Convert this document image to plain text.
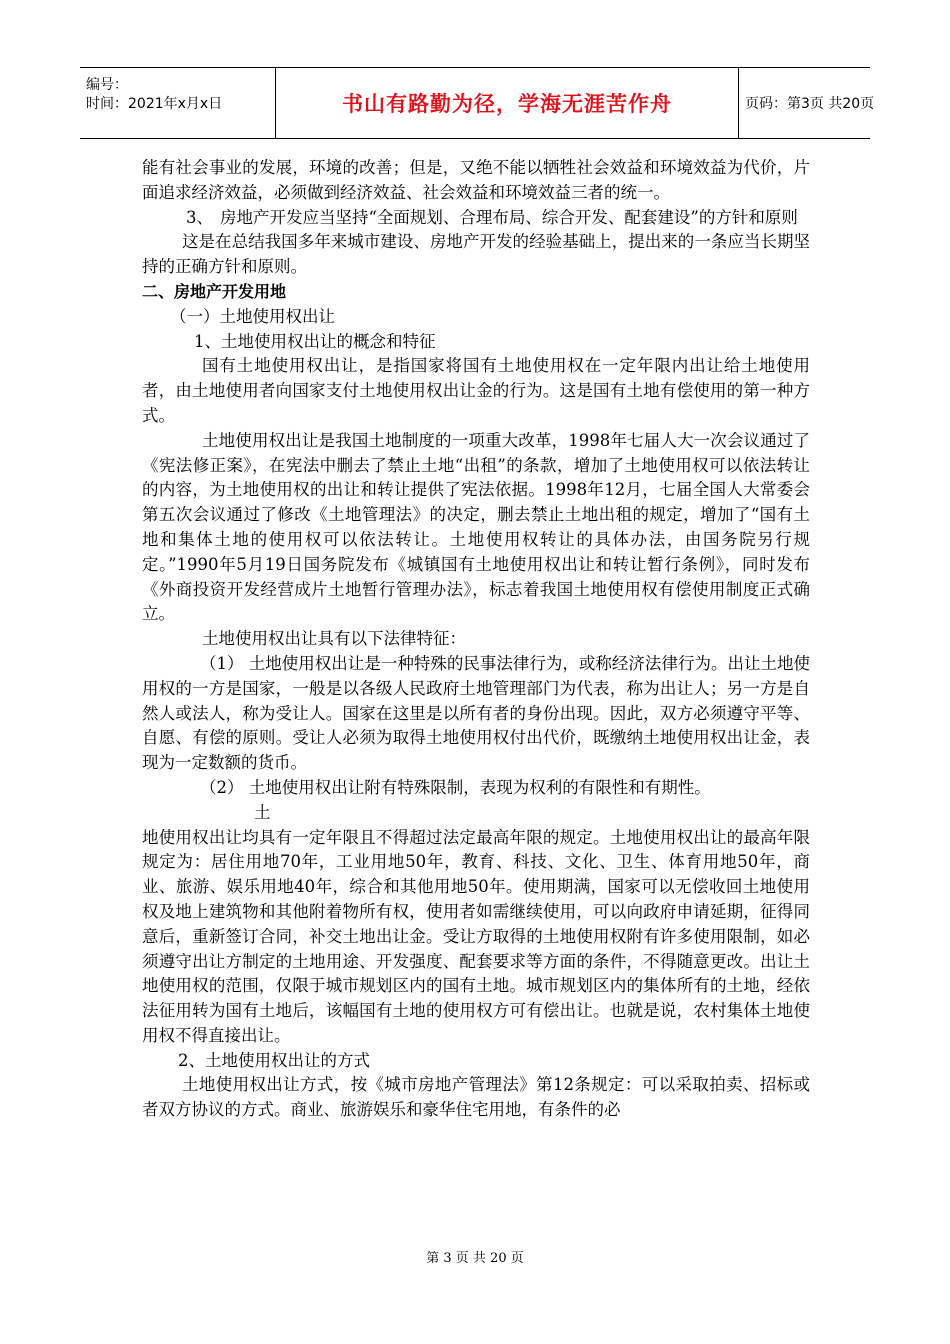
编号：
时间：2021年x月x日	书山有路勤为径，学海无涯苦作舟	页码：第3页 共20页

能有社会事业的发展，环境的改善；但是，又绝不能以牺牲社会效益和环境效益为代价，片面追求经济效益，必须做到经济效益、社会效益和环境效益三者的统一。

3、 房地产开发应当坚持“全面规划、合理布局、综合开发、配套建设”的方针和原则

这是在总结我国多年来城市建设、房地产开发的经验基础上，提出来的一条应当长期坚持的正确方针和原则。

二、房地产开发用地

（一）土地使用权出让

1、土地使用权出让的概念和特征

国有土地使用权出让，是指国家将国有土地使用权在一定年限内出让给土地使用者，由土地使用者向国家支付土地使用权出让金的行为。这是国有土地有偿使用的第一种方式。

土地使用权出让是我国土地制度的一项重大改革，1998年七届人大一次会议通过了《宪法修正案》，在宪法中删去了禁止土地“出租”的条款，增加了土地使用权可以依法转让的内容，为土地使用权的出让和转让提供了宪法依据。1998年12月，七届全国人大常委会第五次会议通过了修改《土地管理法》的决定，删去禁止土地出租的规定，增加了“国有土地和集体土地的使用权可以依法转让。土地使用权转让的具体办法，由国务院另行规定。”1990年5月19日国务院发布《城镇国有土地使用权出让和转让暂行条例》，同时发布《外商投资开发经营成片土地暂行管理办法》，标志着我国土地使用权有偿使用制度正式确立。

土地使用权出让具有以下法律特征：

（1） 土地使用权出让是一种特殊的民事法律行为，或称经济法律行为。出让土地使用权的一方是国家，一般是以各级人民政府土地管理部门为代表，称为出让人；另一方是自然人或法人，称为受让人。国家在这里是以所有者的身份出现。因此，双方必须遵守平等、自愿、有偿的原则。受让人必须为取得土地使用权付出代价，既缴纳土地使用权出让金，表现为一定数额的货币。

（2） 土地使用权出让附有特殊限制，表现为权利的有限性和有期性。

土

地使用权出让均具有一定年限且不得超过法定最高年限的规定。土地使用权出让的最高年限规定为：居住用地70年，工业用地50年，教育、科技、文化、卫生、体育用地50年，商业、旅游、娱乐用地40年，综合和其他用地50年。使用期满，国家可以无偿收回土地使用权及地上建筑物和其他附着物所有权，使用者如需继续使用，可以向政府申请延期，征得同意后，重新签订合同，补交土地出让金。受让方取得的土地使用权附有许多使用限制，如必须遵守出让方制定的土地用途、开发强度、配套要求等方面的条件，不得随意更改。出让土地使用权的范围，仅限于城市规划区内的国有土地。城市规划区内的集体所有的土地，经依法征用转为国有土地后，该幅国有土地的使用权方可有偿出让。也就是说，农村集体土地使用权不得直接出让。

2、土地使用权出让的方式

土地使用权出让方式，按《城市房地产管理法》第12条规定：可以采取拍卖、招标或者双方协议的方式。商业、旅游娱乐和豪华住宅用地，有条件的必

第 3 页 共 20 页
